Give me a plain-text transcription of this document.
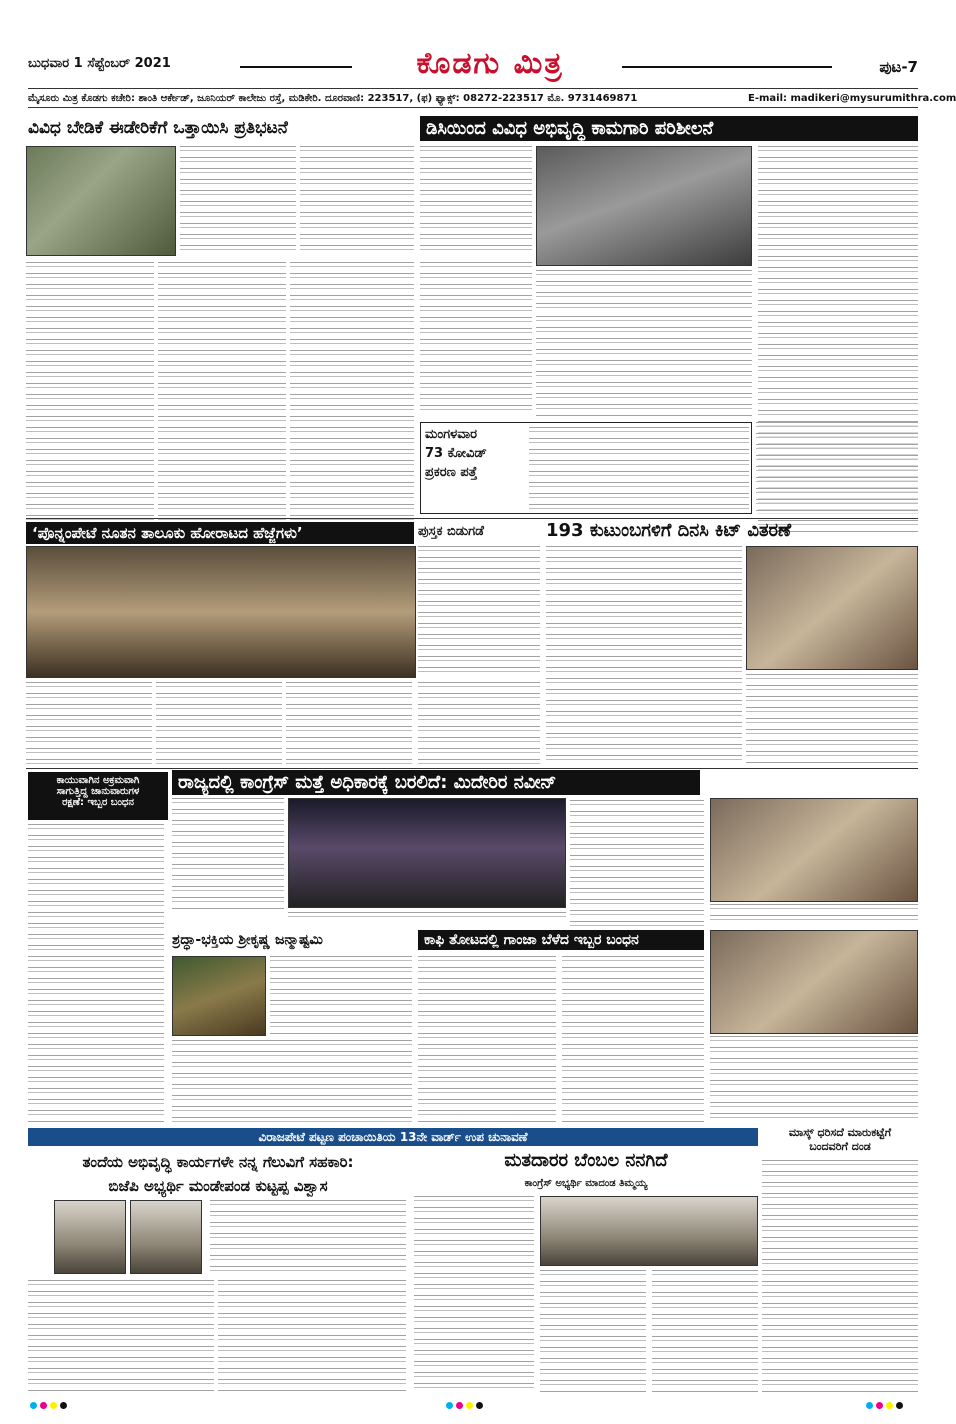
ಬುಧವಾರ 1 ಸೆಪ್ಟೆಂಬರ್ 2021	ಕೊಡಗು ಮಿತ್ರ	ಪುಟ-7
ಮೈಸೂರು ಮಿತ್ರ ಕೊಡಗು ಕಚೇರಿ: ಶಾಂತಿ ಆರ್ಕೇಡ್, ಜೂನಿಯರ್ ಕಾಲೇಜು ರಸ್ತೆ, ಮಡಿಕೇರಿ. ದೂರವಾಣಿ: 223517, (ಫ) ಫ್ಯಾಕ್ಸ್: 08272-223517 ಮೊ. 9731469871	E-mail: madikeri@mysurumithra.com
ವಿವಿಧ ಬೇಡಿಕೆ ಈಡೇರಿಕೆಗೆ ಒತ್ತಾಯಿಸಿ ಪ್ರತಿಭಟನೆ	ಡಿಸಿಯಿಂದ ವಿವಿಧ ಅಭಿವೃದ್ಧಿ ಕಾಮಗಾರಿ ಪರಿಶೀಲನೆ
ಮಂಗಳವಾರ
73 ಕೋವಿಡ್
ಪ್ರಕರಣ ಪತ್ತೆ
‘ಪೊನ್ನಂಪೇಟೆ ನೂತನ ತಾಲೂಕು ಹೋರಾಟದ ಹೆಜ್ಜೆಗಳು’	ಪುಸ್ತಕ ಬಿಡುಗಡೆ	193 ಕುಟುಂಬಗಳಿಗೆ ದಿನಸಿ ಕಿಟ್ ವಿತರಣೆ
ಕಾಯುವಾಗಿನ ಅಕ್ರಮವಾಗಿ
ಸಾಗುತ್ತಿದ್ದ ಜಾನುವಾರುಗಳ
ರಕ್ಷಣೆ: ಇಬ್ಬರ ಬಂಧನ
ರಾಜ್ಯದಲ್ಲಿ ಕಾಂಗ್ರೆಸ್ ಮತ್ತೆ ಅಧಿಕಾರಕ್ಕೆ ಬರಲಿದೆ: ಮಿದೇರಿರ ನವೀನ್
ಶ್ರದ್ಧಾ-ಭಕ್ತಿಯ ಶ್ರೀಕೃಷ್ಣ ಜನ್ಮಾಷ್ಟಮಿ	ಕಾಫಿ ತೋಟದಲ್ಲಿ ಗಾಂಜಾ ಬೆಳೆದ ಇಬ್ಬರ ಬಂಧನ
ವಿರಾಜಪೇಟೆ ಪಟ್ಟಣ ಪಂಚಾಯಿತಿಯ 13ನೇ ವಾರ್ಡ್ ಉಪ ಚುನಾವಣೆ	ಮಾಸ್ಕ್ ಧರಿಸದೆ ಮಾರುಕಟ್ಟೆಗೆ
ಬಂದವರಿಗೆ ದಂಡ
ತಂದೆಯ ಅಭಿವೃದ್ಧಿ ಕಾರ್ಯಗಳೇ ನನ್ನ ಗೆಲುವಿಗೆ ಸಹಕಾರಿ:
ಬಿಜೆಪಿ ಅಭ್ಯರ್ಥಿ ಮಂಡೇಪಂಡ ಕುಟ್ಟಪ್ಪ ವಿಶ್ವಾಸ
ಮತದಾರರ ಬೆಂಬಲ ನನಗಿದೆ
ಕಾಂಗ್ರೆಸ್ ಅಭ್ಯರ್ಥಿ ಮಾದಂಡ ತಿಮ್ಮಯ್ಯ
